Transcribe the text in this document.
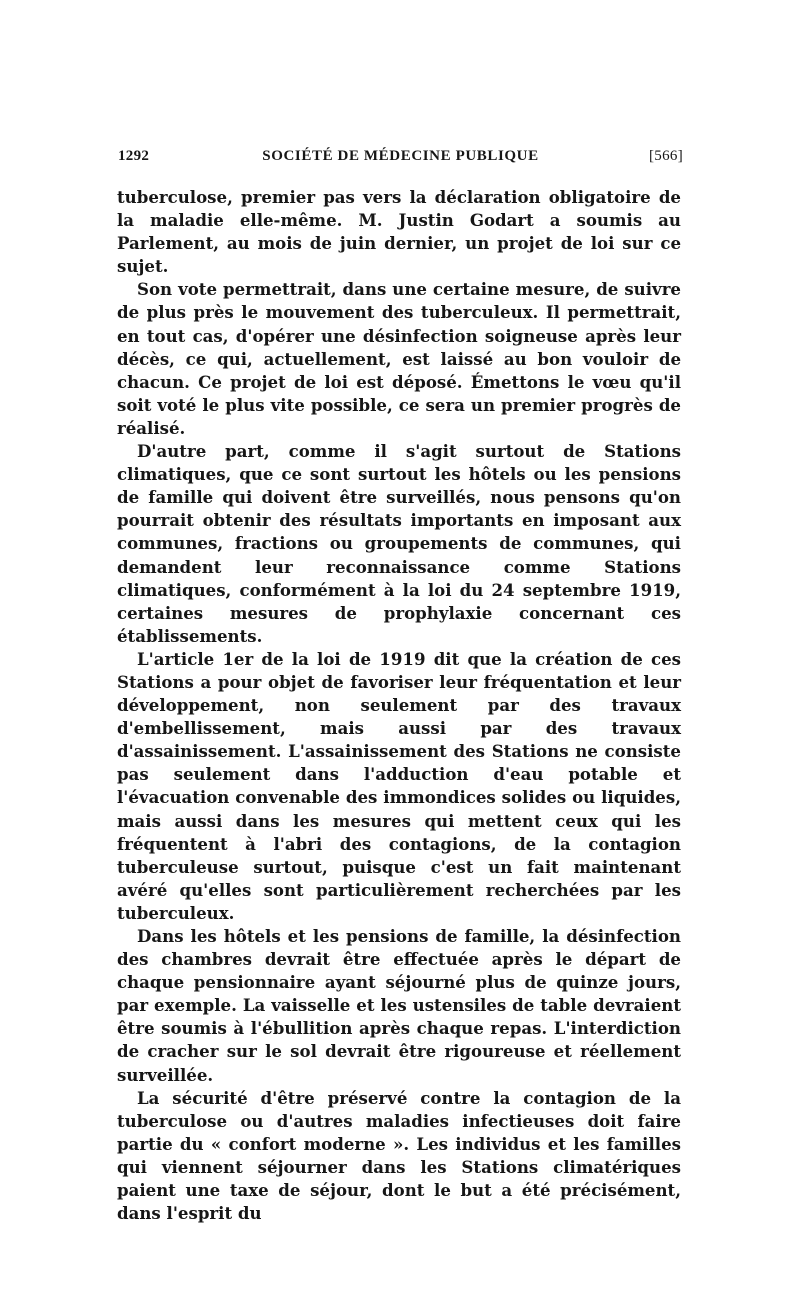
1292	SOCIÉTÉ DE MÉDECINE PUBLIQUE	[566]

tuberculose, premier pas vers la déclaration obligatoire de la maladie elle-même. M. Justin Godart a soumis au Parlement, au mois de juin dernier, un projet de loi sur ce sujet.

Son vote permettrait, dans une certaine mesure, de suivre de plus près le mouvement des tuberculeux. Il permettrait, en tout cas, d'opérer une désinfection soigneuse après leur décès, ce qui, actuellement, est laissé au bon vouloir de chacun. Ce projet de loi est déposé. Émettons le vœu qu'il soit voté le plus vite possible, ce sera un premier progrès de réalisé.

D'autre part, comme il s'agit surtout de Stations climatiques, que ce sont surtout les hôtels ou les pensions de famille qui doivent être surveillés, nous pensons qu'on pourrait obtenir des résultats importants en imposant aux communes, fractions ou groupements de communes, qui demandent leur reconnaissance comme Stations climatiques, conformément à la loi du 24 septembre 1919, certaines mesures de prophylaxie concernant ces établissements.

L'article 1er de la loi de 1919 dit que la création de ces Stations a pour objet de favoriser leur fréquentation et leur développement, non seulement par des travaux d'embellissement, mais aussi par des travaux d'assainissement. L'assainissement des Stations ne consiste pas seulement dans l'adduction d'eau potable et l'évacuation convenable des immondices solides ou liquides, mais aussi dans les mesures qui mettent ceux qui les fréquentent à l'abri des contagions, de la contagion tuberculeuse surtout, puisque c'est un fait maintenant avéré qu'elles sont particulièrement recherchées par les tuberculeux.

Dans les hôtels et les pensions de famille, la désinfection des chambres devrait être effectuée après le départ de chaque pensionnaire ayant séjourné plus de quinze jours, par exemple. La vaisselle et les ustensiles de table devraient être soumis à l'ébullition après chaque repas. L'interdiction de cracher sur le sol devrait être rigoureuse et réellement surveillée.

La sécurité d'être préservé contre la contagion de la tuberculose ou d'autres maladies infectieuses doit faire partie du « confort moderne ». Les individus et les familles qui viennent séjourner dans les Stations climatériques paient une taxe de séjour, dont le but a été précisément, dans l'esprit du
